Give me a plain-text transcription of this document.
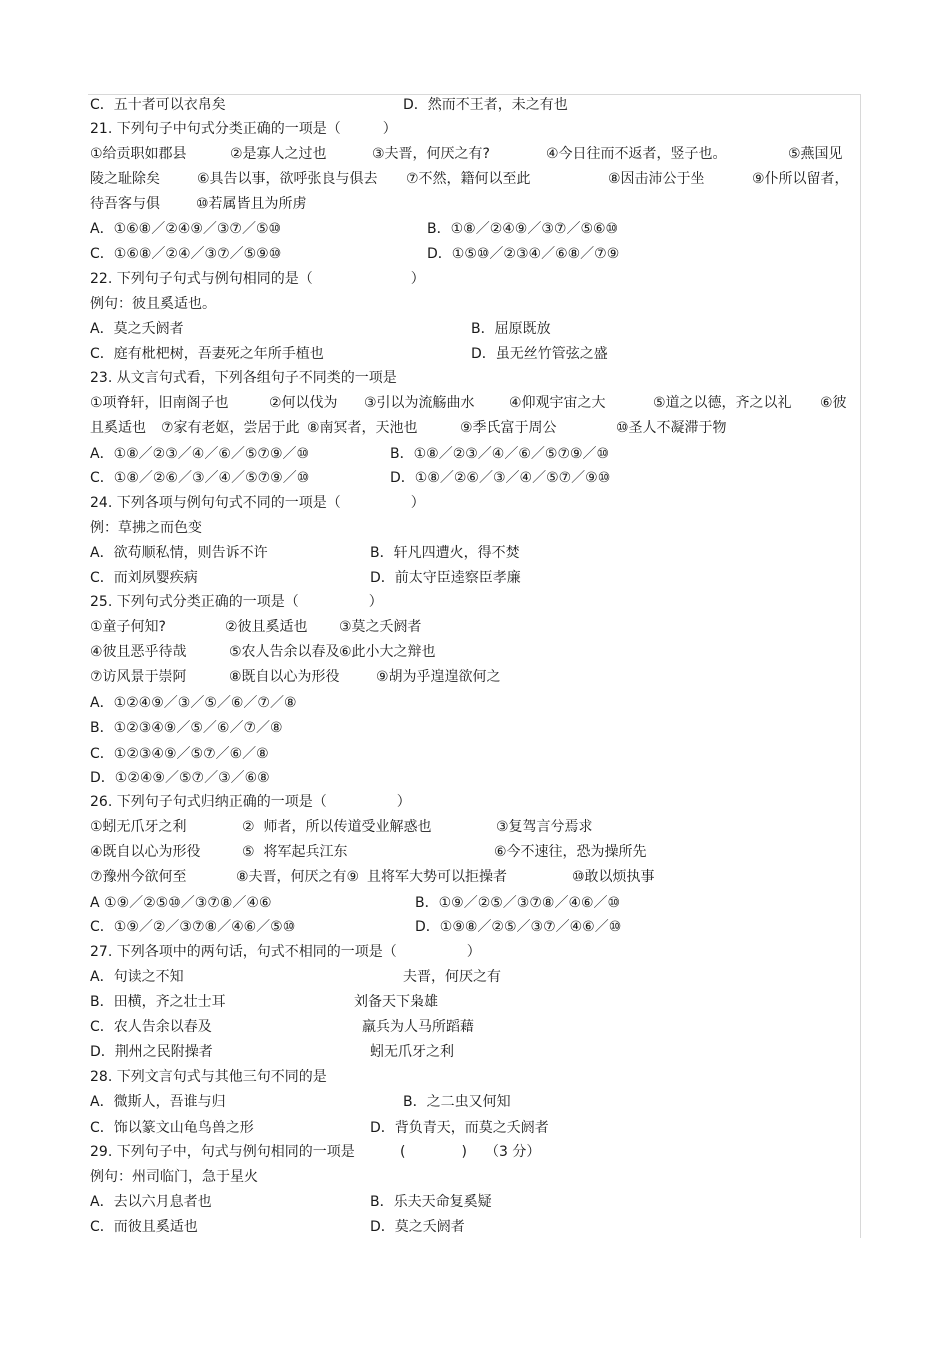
C．五十者可以衣帛矣	D．然而不王者，未之有也
21. 下列句子中句式分类正确的一项是（　　　）
①给贡职如郡县	②是寡人之过也	③夫晋，何厌之有?	④今日往而不返者，竖子也。	⑤燕国见
陵之耻除矣	⑥具告以事，欲呼张良与俱去 ⑦不然，籍何以至此	⑧因击沛公于坐	⑨仆所以留者，
待吾客与俱	⑩若属皆且为所虏
A．①⑥⑧／②④⑨／③⑦／⑤⑩	B．①⑧／②④⑨／③⑦／⑤⑥⑩
C．①⑥⑧／②④／③⑦／⑤⑨⑩	D．①⑤⑩／②③④／⑥⑧／⑦⑨
22. 下列句子句式与例句相同的是（　　　　　　　）
例句：彼且奚适也。
A．莫之夭阏者	B．屈原既放
C．庭有枇杷树，吾妻死之年所手植也	D．虽无丝竹管弦之盛
23. 从文言句式看，下列各组句子不同类的一项是
①项脊轩，旧南阁子也	②何以伐为 ③引以为流觞曲水 ④仰观宇宙之大	⑤道之以德，齐之以礼 ⑥彼
且奚适也 ⑦家有老妪，尝居于此 ⑧南冥者，天池也	⑨季氏富于周公	⑩圣人不凝滞于物
A．①⑧／②③／④／⑥／⑤⑦⑨／⑩	B．①⑧／②③／④／⑥／⑤⑦⑨／⑩
C．①⑧／②⑥／③／④／⑤⑦⑨／⑩	D．①⑧／②⑥／③／④／⑤⑦／⑨⑩
24. 下列各项与例句句式不同的一项是（　　　　　）
例：草拂之而色变
A．欲苟顺私情，则告诉不许	B．轩凡四遭火，得不焚
C．而刘夙婴疾病	D．前太守臣逵察臣孝廉
25. 下列句式分类正确的一项是（　　　　　）
①童子何知?	②彼且奚适也 ③莫之夭阏者
④彼且恶乎待哉	⑤农人告余以春及 ⑥此小大之辩也
⑦访风景于崇阿	⑧既自以心为形役	⑨胡为乎遑遑欲何之
A．①②④⑨／③／⑤／⑥／⑦／⑧
B．①②③④⑨／⑤／⑥／⑦／⑧
C．①②③④⑨／⑤⑦／⑥／⑧
D．①②④⑨／⑤⑦／③／⑥⑧
26. 下列句子句式归纳正确的一项是（　　　　　）
①蚓无爪牙之利	②  师者，所以传道受业解惑也	③复驾言兮焉求
④既自以心为形役	⑤  将军起兵江东	⑥今不速往，恐为操所先
⑦豫州今欲何至	⑧夫晋，何厌之有⑨ 且将军大势可以拒操者	⑩敢以烦执事
A ①⑨／②⑤⑩／③⑦⑧／④⑥	B．①⑨／②⑤／③⑦⑧／④⑥／⑩
C．①⑨／②／③⑦⑧／④⑥／⑤⑩	D．①⑨⑧／②⑤／③⑦／④⑥／⑩
27. 下列各项中的两句话，句式不相同的一项是（　　　　　）
A．句读之不知	夫晋，何厌之有
B．田横，齐之壮士耳	刘备天下枭雄
C．农人告余以春及	羸兵为人马所蹈藉
D．荆州之民附操者	蚓无爪牙之利
28. 下列文言句式与其他三句不同的是
A．微斯人，吾谁与归	B．之二虫又何知
C．饰以篆文山龟鸟兽之形	D．背负青天，而莫之夭阏者
29. 下列句子中，句式与例句相同的一项是	(　　　　) （3 分）
例句：州司临门，急于星火
A．去以六月息者也	B．乐夫天命复奚疑
C．而彼且奚适也	D．莫之夭阏者
